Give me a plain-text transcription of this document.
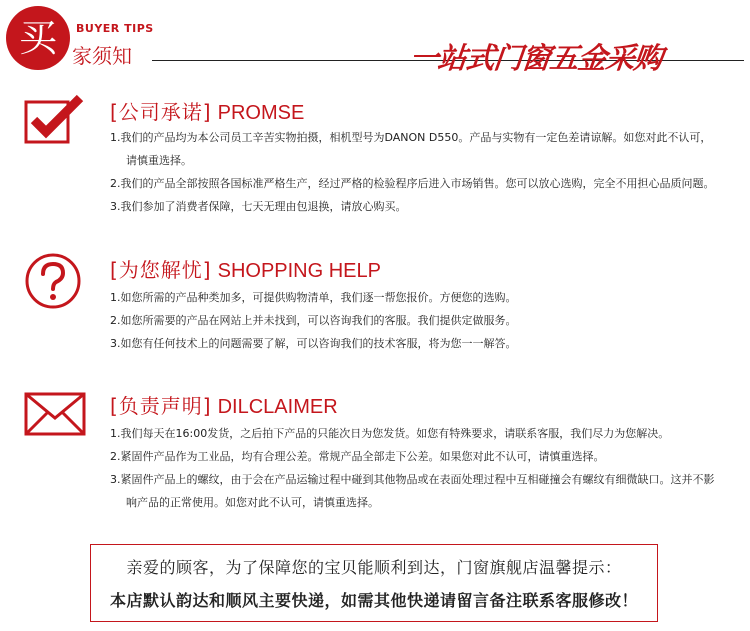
买	BUYER TIPS
家须知	一站式门窗五金采购
[公司承诺] PROMSE
1.我们的产品均为本公司员工辛苦实物拍摄，相机型号为DANON D550。产品与实物有一定色差请谅解。如您对此不认可，请慎重选择。
2.我们的产品全部按照各国标准严格生产，经过严格的检验程序后进入市场销售。您可以放心选购，完全不用担心品质问题。
3.我们参加了消费者保障，七天无理由包退换，请放心购买。
[为您解忧] SHOPPING HELP
1.如您所需的产品种类加多，可提供购物清单，我们逐一帮您报价。方便您的选购。
2.如您所需要的产品在网站上并未找到，可以咨询我们的客服。我们提供定做服务。
3.如您有任何技术上的问题需要了解，可以咨询我们的技术客服，将为您一一解答。
[负责声明] DILCLAIMER
1.我们每天在16:00发货，之后拍下产品的只能次日为您发货。如您有特殊要求，请联系客服，我们尽力为您解决。
2.紧固件产品作为工业品，均有合理公差。常规产品全部走下公差。如果您对此不认可，请慎重选择。
3.紧固件产品上的螺纹，由于会在产品运输过程中碰到其他物品或在表面处理过程中互相碰撞会有螺纹有细微缺口。这并不影响产品的正常使用。如您对此不认可，请慎重选择。
亲爱的顾客，为了保障您的宝贝能顺利到达，门窗旗舰店温馨提示：
本店默认韵达和顺风主要快递，如需其他快递请留言备注联系客服修改！
